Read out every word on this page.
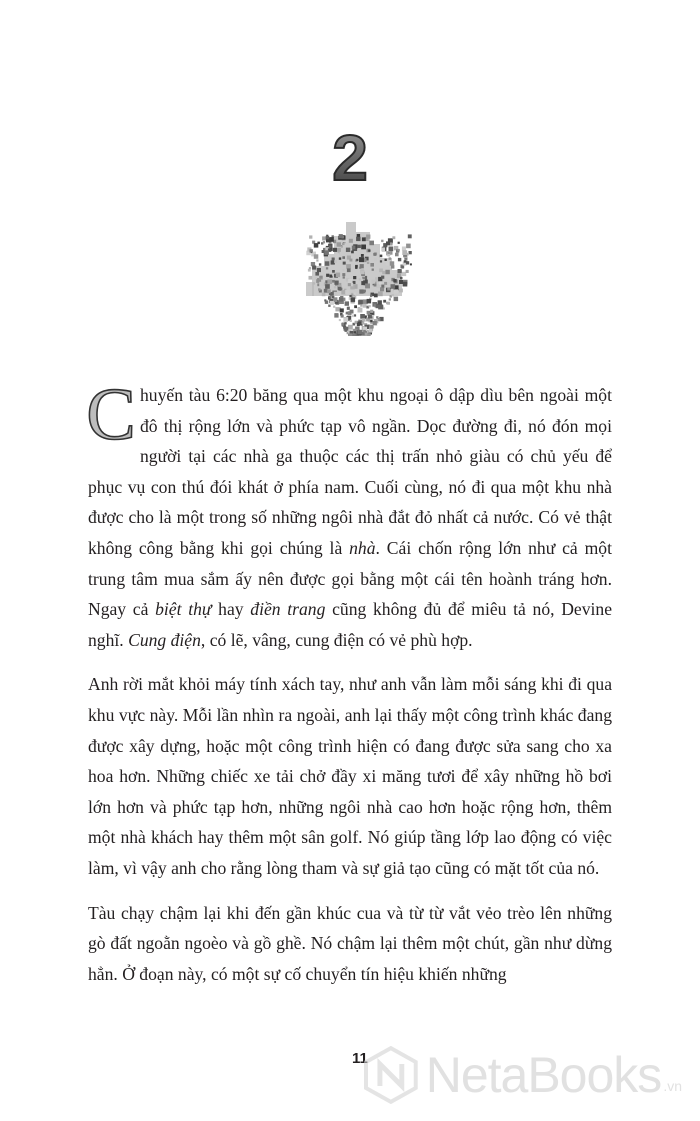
2

C huyến tàu 6:20 băng qua một khu ngoại ô dập dìu bên ngoài một đô thị rộng lớn và phức tạp vô ngần. Dọc đường đi, nó đón mọi người tại các nhà ga thuộc các thị trấn nhỏ giàu có chủ yếu để phục vụ con thú đói khát ở phía nam. Cuối cùng, nó đi qua một khu nhà được cho là một trong số những ngôi nhà đắt đỏ nhất cả nước. Có vẻ thật không công bằng khi gọi chúng là nhà. Cái chốn rộng lớn như cả một trung tâm mua sắm ấy nên được gọi bằng một cái tên hoành tráng hơn. Ngay cả biệt thự hay điền trang cũng không đủ để miêu tả nó, Devine nghĩ. Cung điện, có lẽ, vâng, cung điện có vẻ phù hợp.

Anh rời mắt khỏi máy tính xách tay, như anh vẫn làm mỗi sáng khi đi qua khu vực này. Mỗi lần nhìn ra ngoài, anh lại thấy một công trình khác đang được xây dựng, hoặc một công trình hiện có đang được sửa sang cho xa hoa hơn. Những chiếc xe tải chở đầy xi măng tươi để xây những hồ bơi lớn hơn và phức tạp hơn, những ngôi nhà cao hơn hoặc rộng hơn, thêm một nhà khách hay thêm một sân golf. Nó giúp tầng lớp lao động có việc làm, vì vậy anh cho rằng lòng tham và sự giả tạo cũng có mặt tốt của nó.

Tàu chạy chậm lại khi đến gần khúc cua và từ từ vắt vẻo trèo lên những gò đất ngoằn ngoèo và gồ ghề. Nó chậm lại thêm một chút, gần như dừng hẳn. Ở đoạn này, có một sự cố chuyển tín hiệu khiến những

11 NetaBooks .vn
